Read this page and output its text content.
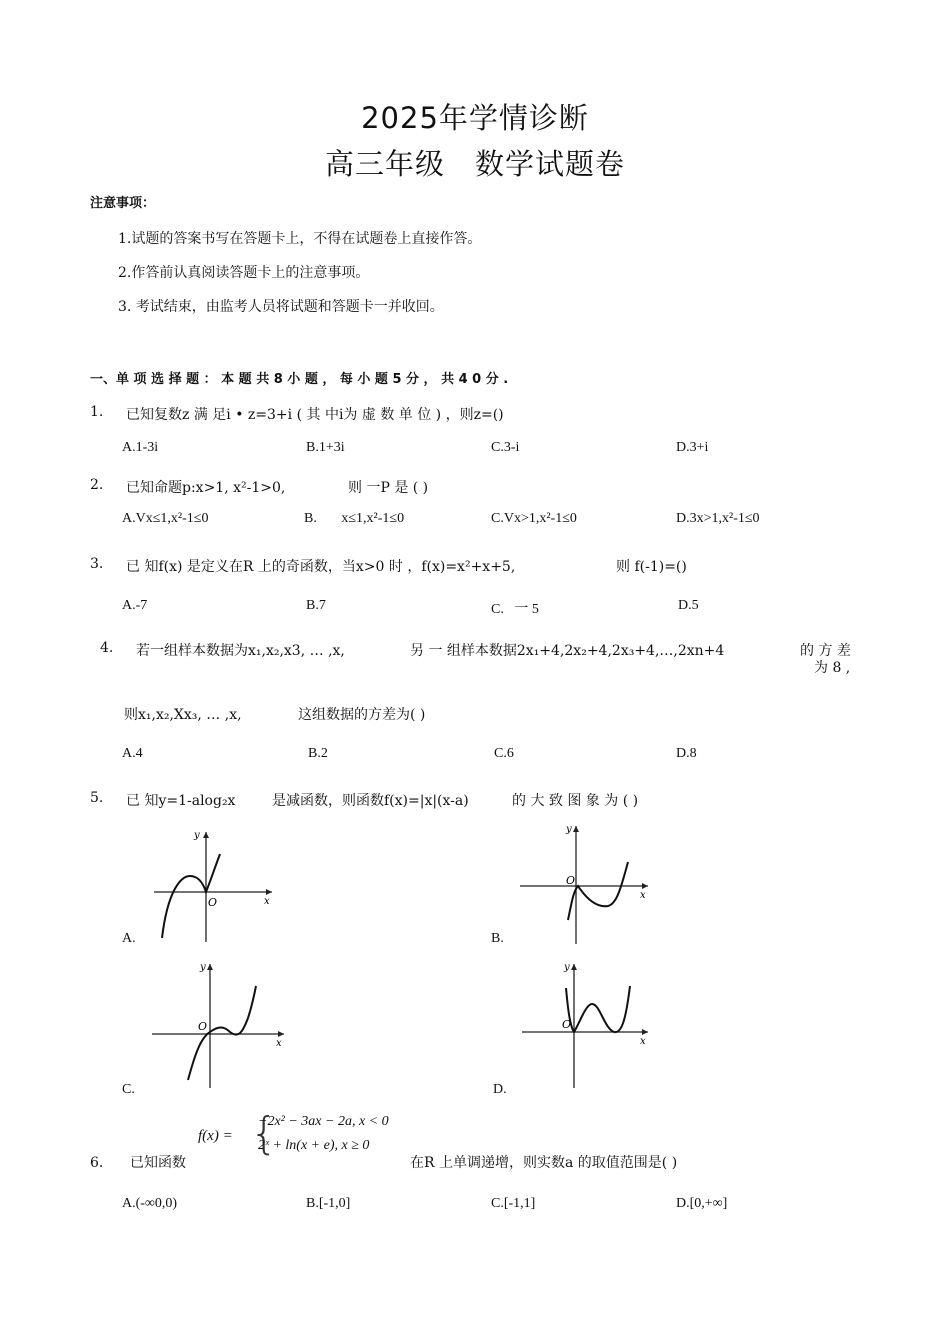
2025年学情诊断
高三年级　数学试题卷
注意事项：
1.试题的答案书写在答题卡上，不得在试题卷上直接作答。
2.作答前认真阅读答题卡上的注意事项。
3. 考试结束，由监考人员将试题和答题卡一并收回。
一、单 项 选 择 题 ： 本 题 共 8 小 题 ， 每 小 题 5 分 ， 共 4 0 分 .
1. 已知复数z 满 足i • z=3+i ( 其 中i为 虚 数 单 位 ) ，则z=()
A.1-3i	B.1+3i	C.3-i	D.3+i
2. 已知命题p:x>1, x²-1>0,	则 一P 是 ( )
A.Vx≤1,x²-1≤0	B.       x≤1,x²-1≤0	C.Vx>1,x²-1≤0	D.3x>1,x²-1≤0
3. 已 知f(x) 是定义在R 上的奇函数，当x>0 时 ，f(x)=x²+x+5,	则 f(-1)=()
A.-7	B.7	C.   一 5	D.5
4. 若一组样本数据为x₁,x₂,x3, … ,x,	另 一 组样本数据2x₁+4,2x₂+4,2x₃+4,…,2xn+4	的 方 差
为 8 ,
则x₁,x₂,Xx₃, … ,x,	这组数据的方差为( )
A.4	B.2	C.6	D.8
5. 已 知y=1-alog₂x	是减函数，则函数f(x)=|x|(x-a)	的 大 致 图 象 为 ( )
y
x
O
A.
y
x
O
B.
y
x
O
C.
y
x
O
D.
6． 已知函数
f(x) = {
−2x² − 3ax − 2a, x < 0
2ˣ + ln(x + e), x ≥ 0
在R 上单调递增，则实数a 的取值范围是( )
A.(-∞0,0)	B.[-1,0]	C.[-1,1]	D.[0,+∞]
